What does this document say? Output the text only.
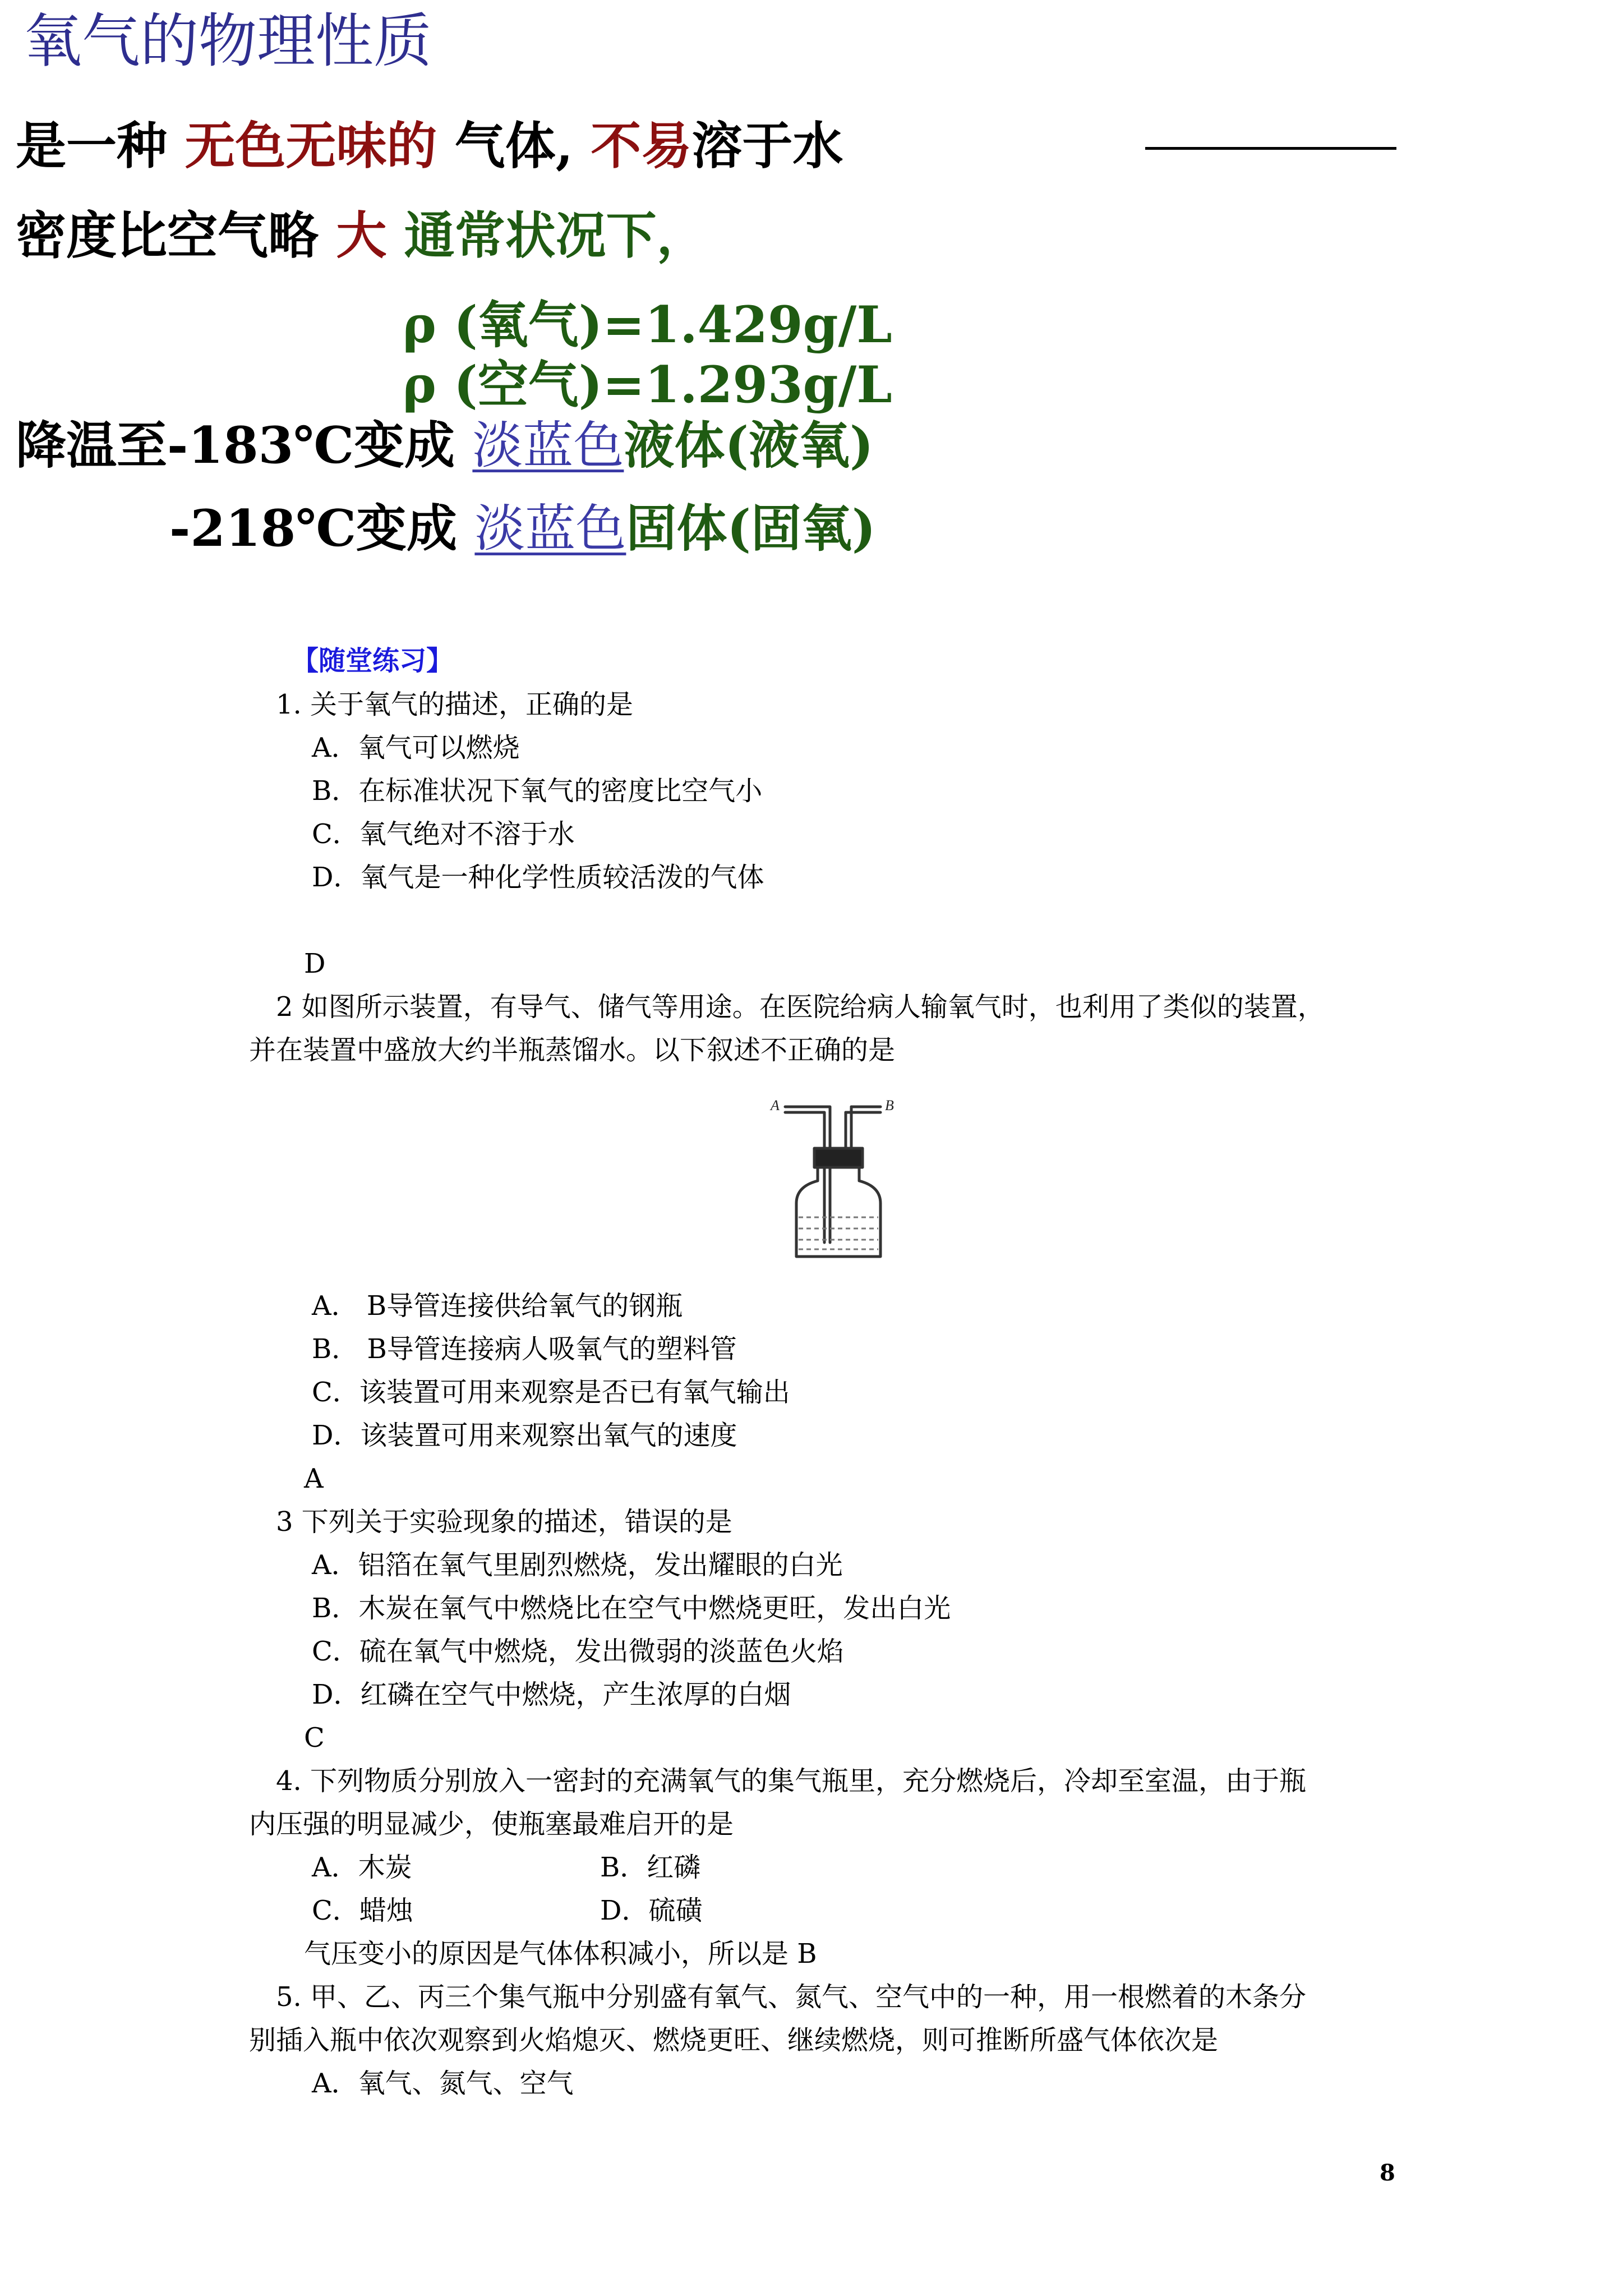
氧气的物理性质
是一种 无色无味的 气体, 不易溶于水
密度比空气略 大 通常状况下，
ρ (氧气)=1.429g/L
ρ (空气)=1.293g/L
降温至-183℃变成 淡蓝色液体(液氧)
-218℃变成 淡蓝色固体(固氧)
【随堂练习】
1. 关于氧气的描述，正确的是
A．氧气可以燃烧
B．在标准状况下氧气的密度比空气小
C．氧气绝对不溶于水
D．氧气是一种化学性质较活泼的气体
D
2 如图所示装置，有导气、储气等用途。在医院给病人输氧气时，也利用了类似的装置，
并在装置中盛放大约半瓶蒸馏水。以下叙述不正确的是
A	B
A． B导管连接供给氧气的钢瓶
B． B导管连接病人吸氧气的塑料管
C．该装置可用来观察是否已有氧气输出
D．该装置可用来观察出氧气的速度
A
3 下列关于实验现象的描述，错误的是
A．铝箔在氧气里剧烈燃烧，发出耀眼的白光
B．木炭在氧气中燃烧比在空气中燃烧更旺，发出白光
C．硫在氧气中燃烧，发出微弱的淡蓝色火焰
D．红磷在空气中燃烧，产生浓厚的白烟
C
4. 下列物质分别放入一密封的充满氧气的集气瓶里，充分燃烧后，冷却至室温，由于瓶
内压强的明显减少，使瓶塞最难启开的是
A．木炭	B．红磷
C．蜡烛	D．硫磺
气压变小的原因是气体体积减小，所以是 B
5. 甲、乙、丙三个集气瓶中分别盛有氧气、氮气、空气中的一种，用一根燃着的木条分
别插入瓶中依次观察到火焰熄灭、燃烧更旺、继续燃烧，则可推断所盛气体依次是
A．氧气、氮气、空气
8
